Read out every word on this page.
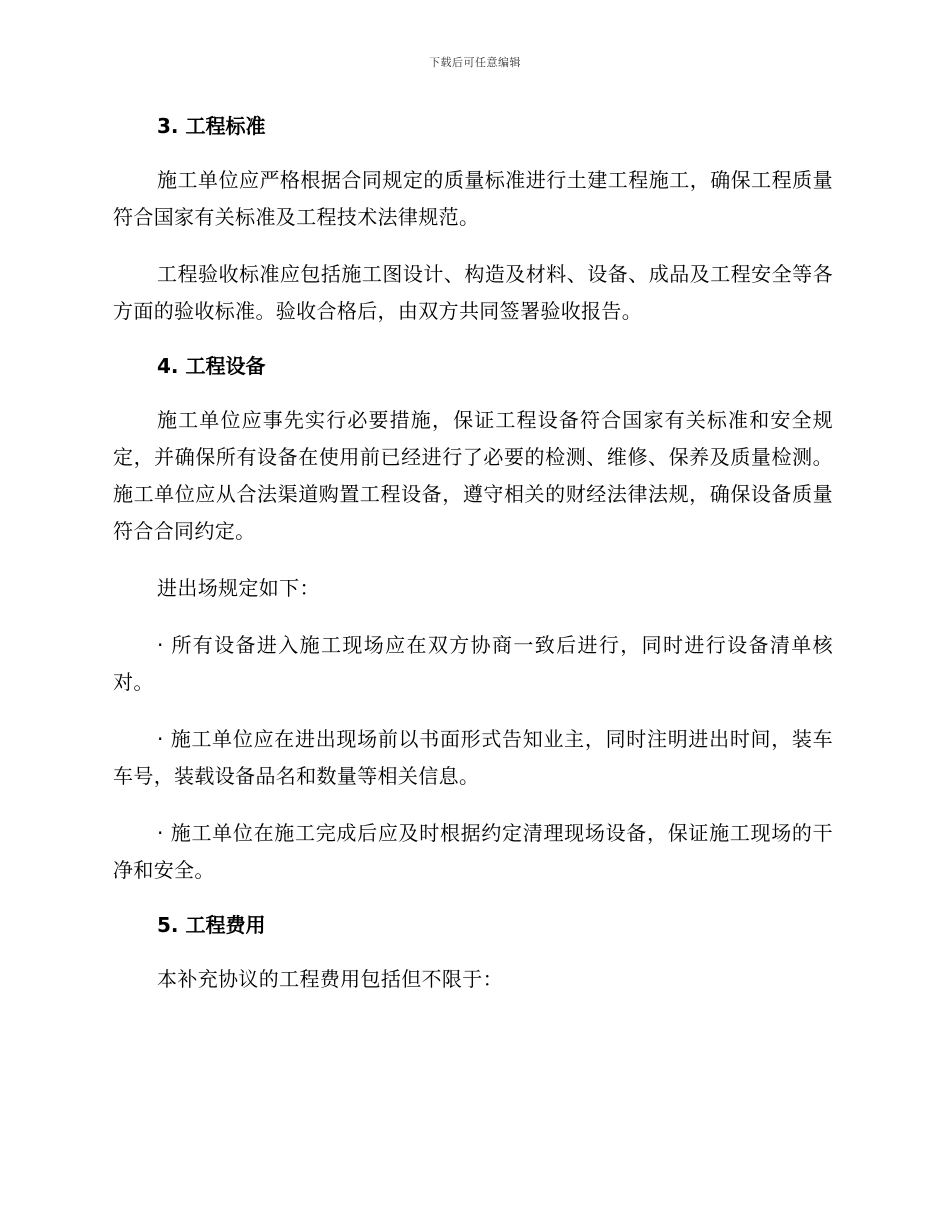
下载后可任意编辑
3. 工程标准

施工单位应严格根据合同规定的质量标准进行土建工程施工，确保工程质量符合国家有关标准及工程技术法律规范。

工程验收标准应包括施工图设计、构造及材料、设备、成品及工程安全等各方面的验收标准。验收合格后，由双方共同签署验收报告。

4. 工程设备

施工单位应事先实行必要措施，保证工程设备符合国家有关标准和安全规定，并确保所有设备在使用前已经进行了必要的检测、维修、保养及质量检测。施工单位应从合法渠道购置工程设备，遵守相关的财经法律法规，确保设备质量符合合同约定。

进出场规定如下：

· 所有设备进入施工现场应在双方协商一致后进行，同时进行设备清单核对。

· 施工单位应在进出现场前以书面形式告知业主，同时注明进出时间，装车车号，装载设备品名和数量等相关信息。

· 施工单位在施工完成后应及时根据约定清理现场设备，保证施工现场的干净和安全。

5. 工程费用

本补充协议的工程费用包括但不限于：
